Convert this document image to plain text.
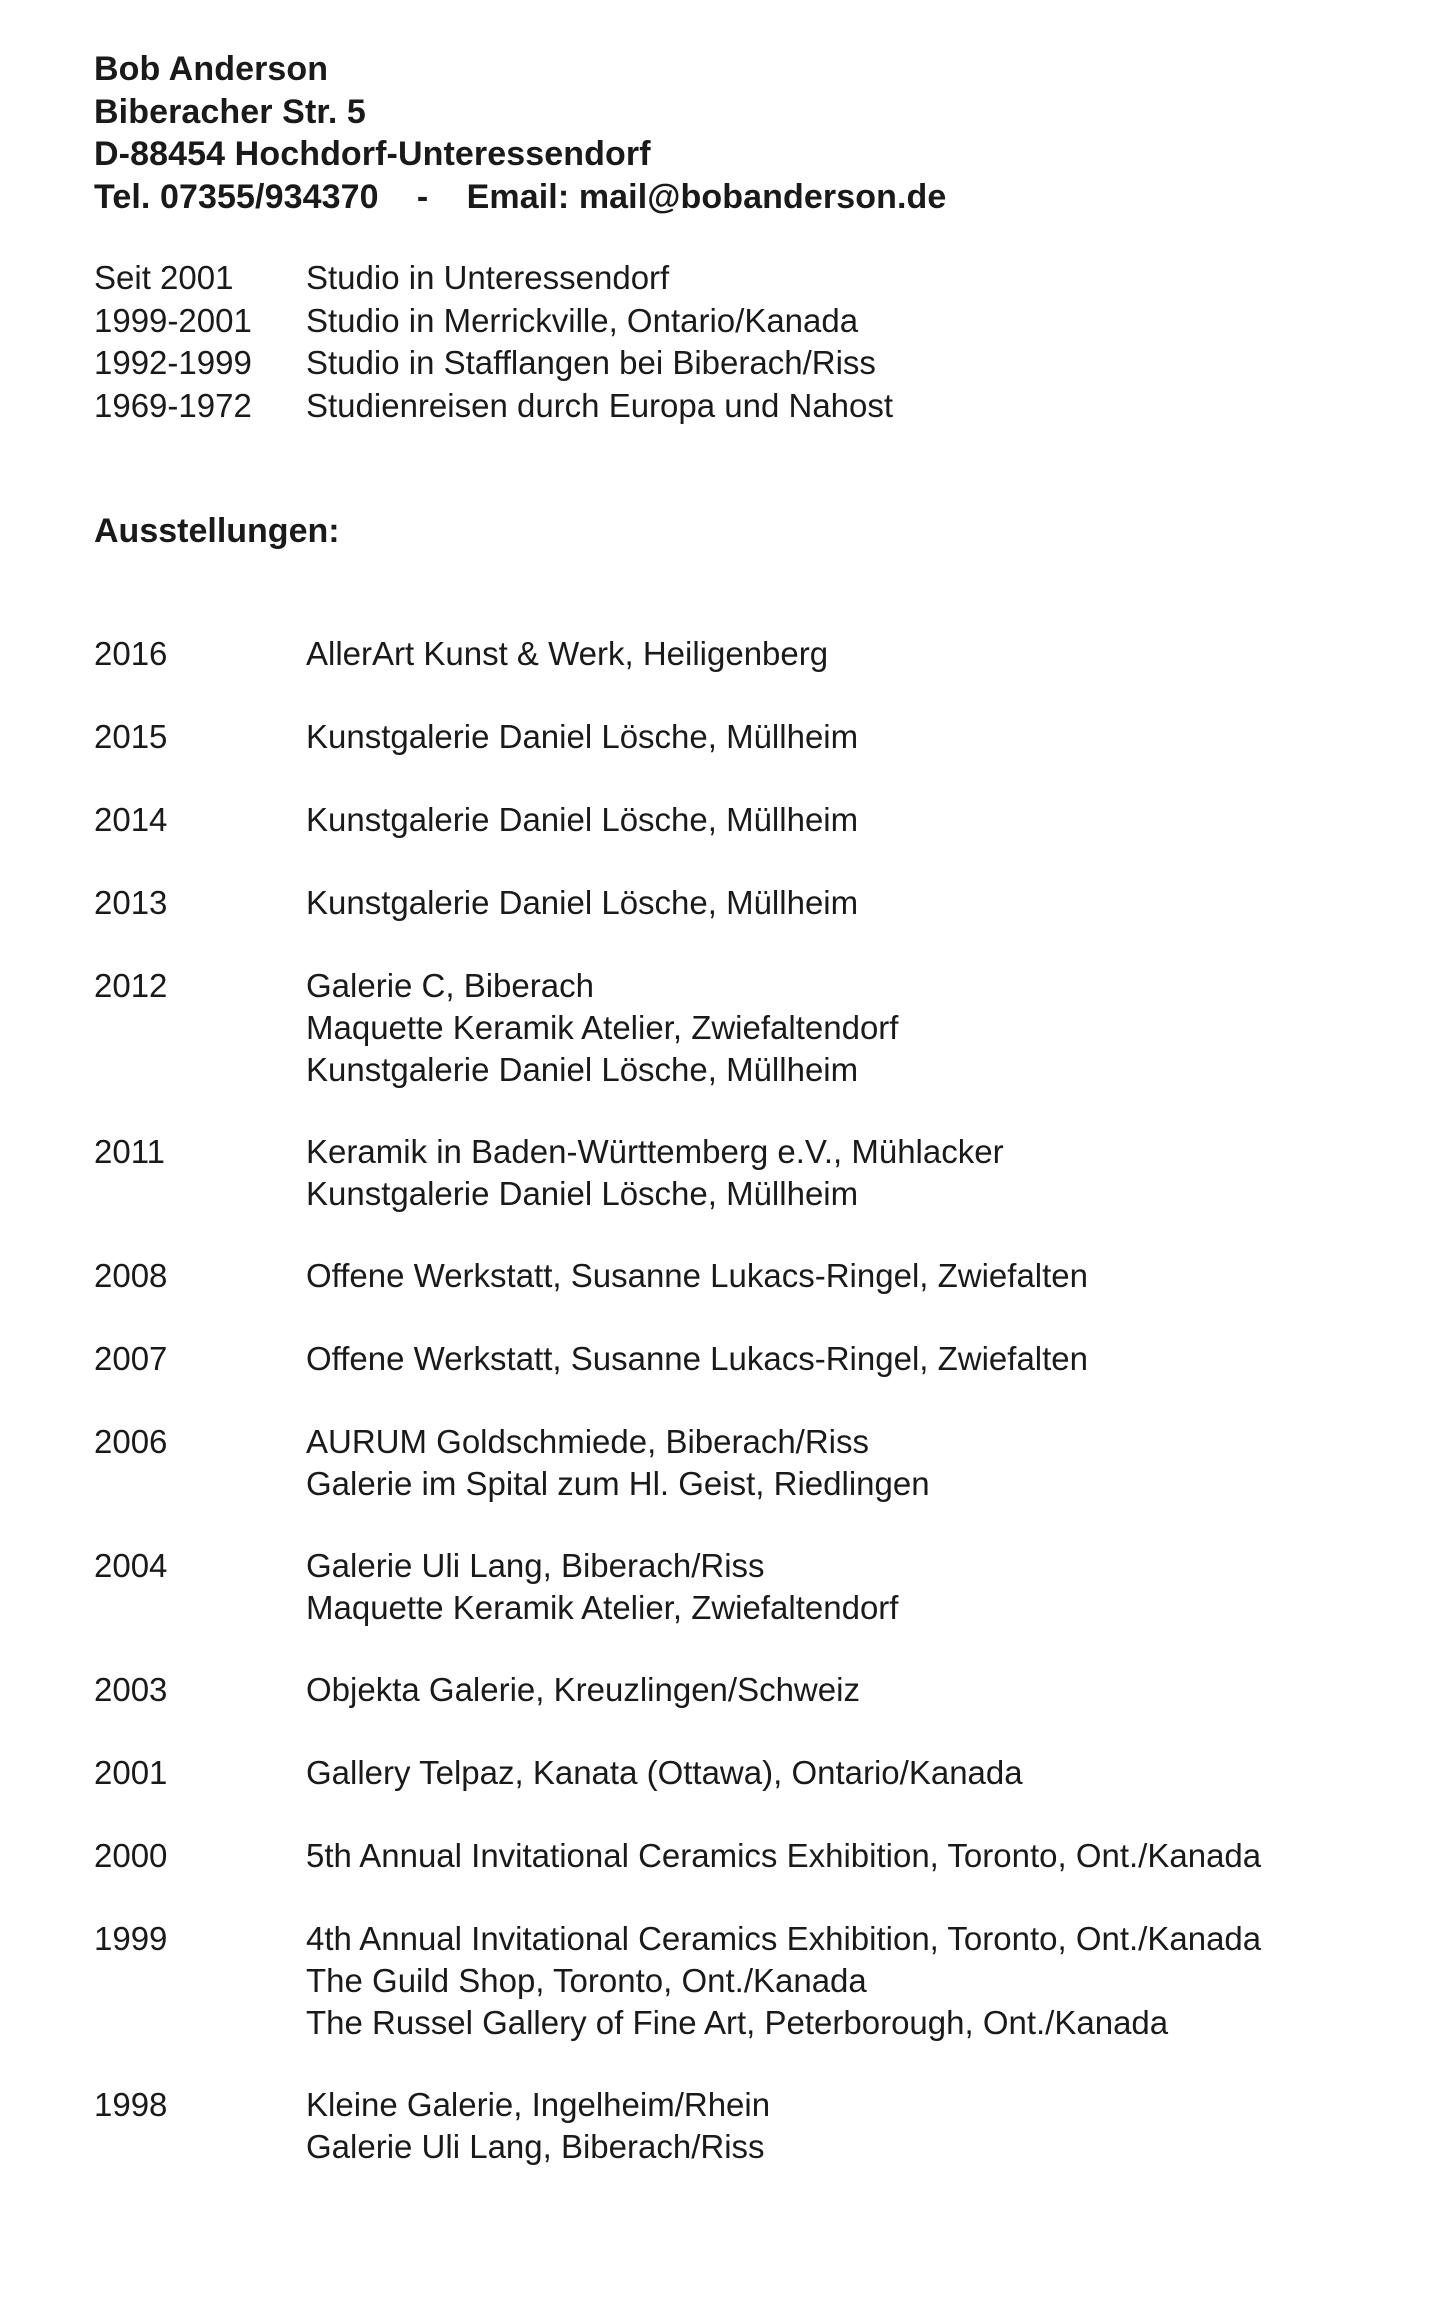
Bob Anderson
Biberacher Str. 5
D-88454 Hochdorf-Unteressendorf
Tel. 07355/934370 - Email: mail@bobanderson.de
Seit 2001	Studio in Unteressendorf
1999-2001	Studio in Merrickville, Ontario/Kanada
1992-1999	Studio in Stafflangen bei Biberach/Riss
1969-1972	Studienreisen durch Europa und Nahost
Ausstellungen:
2016	AllerArt Kunst & Werk, Heiligenberg
2015	Kunstgalerie Daniel Lösche, Müllheim
2014	Kunstgalerie Daniel Lösche, Müllheim
2013	Kunstgalerie Daniel Lösche, Müllheim
2012	Galerie C, Biberach
Maquette Keramik Atelier, Zwiefaltendorf
Kunstgalerie Daniel Lösche, Müllheim
2011	Keramik in Baden-Württemberg e.V., Mühlacker
Kunstgalerie Daniel Lösche, Müllheim
2008	Offene Werkstatt, Susanne Lukacs-Ringel, Zwiefalten
2007	Offene Werkstatt, Susanne Lukacs-Ringel, Zwiefalten
2006	AURUM Goldschmiede, Biberach/Riss
Galerie im Spital zum Hl. Geist, Riedlingen
2004	Galerie Uli Lang, Biberach/Riss
Maquette Keramik Atelier, Zwiefaltendorf
2003	Objekta Galerie, Kreuzlingen/Schweiz
2001	Gallery Telpaz, Kanata (Ottawa), Ontario/Kanada
2000	5th Annual Invitational Ceramics Exhibition, Toronto, Ont./Kanada
1999	4th Annual Invitational Ceramics Exhibition, Toronto, Ont./Kanada
The Guild Shop, Toronto, Ont./Kanada
The Russel Gallery of Fine Art, Peterborough, Ont./Kanada
1998	Kleine Galerie, Ingelheim/Rhein
Galerie Uli Lang, Biberach/Riss
